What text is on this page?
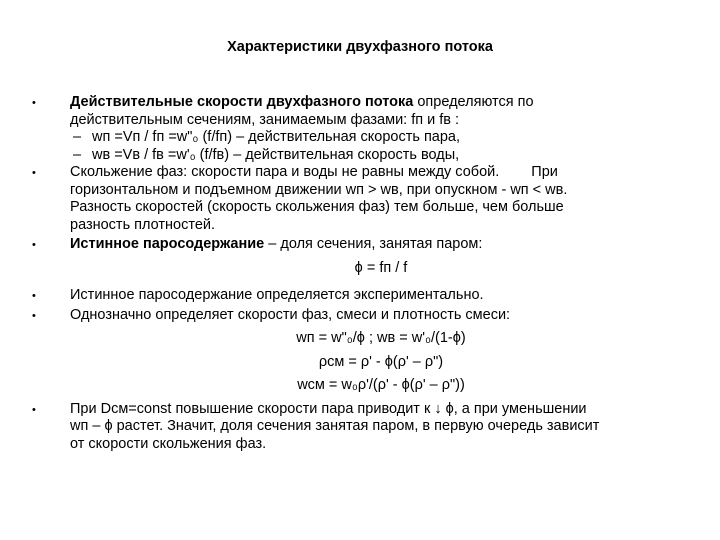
Характеристики двухфазного потока
• Действительные скорости двухфазного потока определяются по
действительным сечениям, занимаемым фазами: fп и fв :
– wп =Vп / fп =w"₀ (f/fп) – действительная скорость пара,
– wв =Vв / fв =w'₀ (f/fв) – действительная скорость воды,
• Скольжение фаз: скорости пара и воды не равны между собой. При
горизонтальном и подъемном движении wп > wв, при опускном - wп < wв.
Разность скоростей (скорость скольжения фаз) тем больше, чем больше
разность плотностей.
• Истинное паросодержание – доля сечения, занятая паром:
ϕ = fп / f
• Истинное паросодержание определяется экспериментально.
• Однозначно определяет скорости фаз, смеси и плотность смеси:
wп = w"₀/ϕ ; wв = w'₀/(1-ϕ)
ρсм = ρ' - ϕ(ρ' – ρ")
wсм = w₀ρ'/(ρ' - ϕ(ρ' – ρ"))
• При Dсм=const повышение скорости пара приводит к ↓ ϕ, а при уменьшении
wп – ϕ растет. Значит, доля сечения занятая паром, в первую очередь зависит
от скорости скольжения фаз.
